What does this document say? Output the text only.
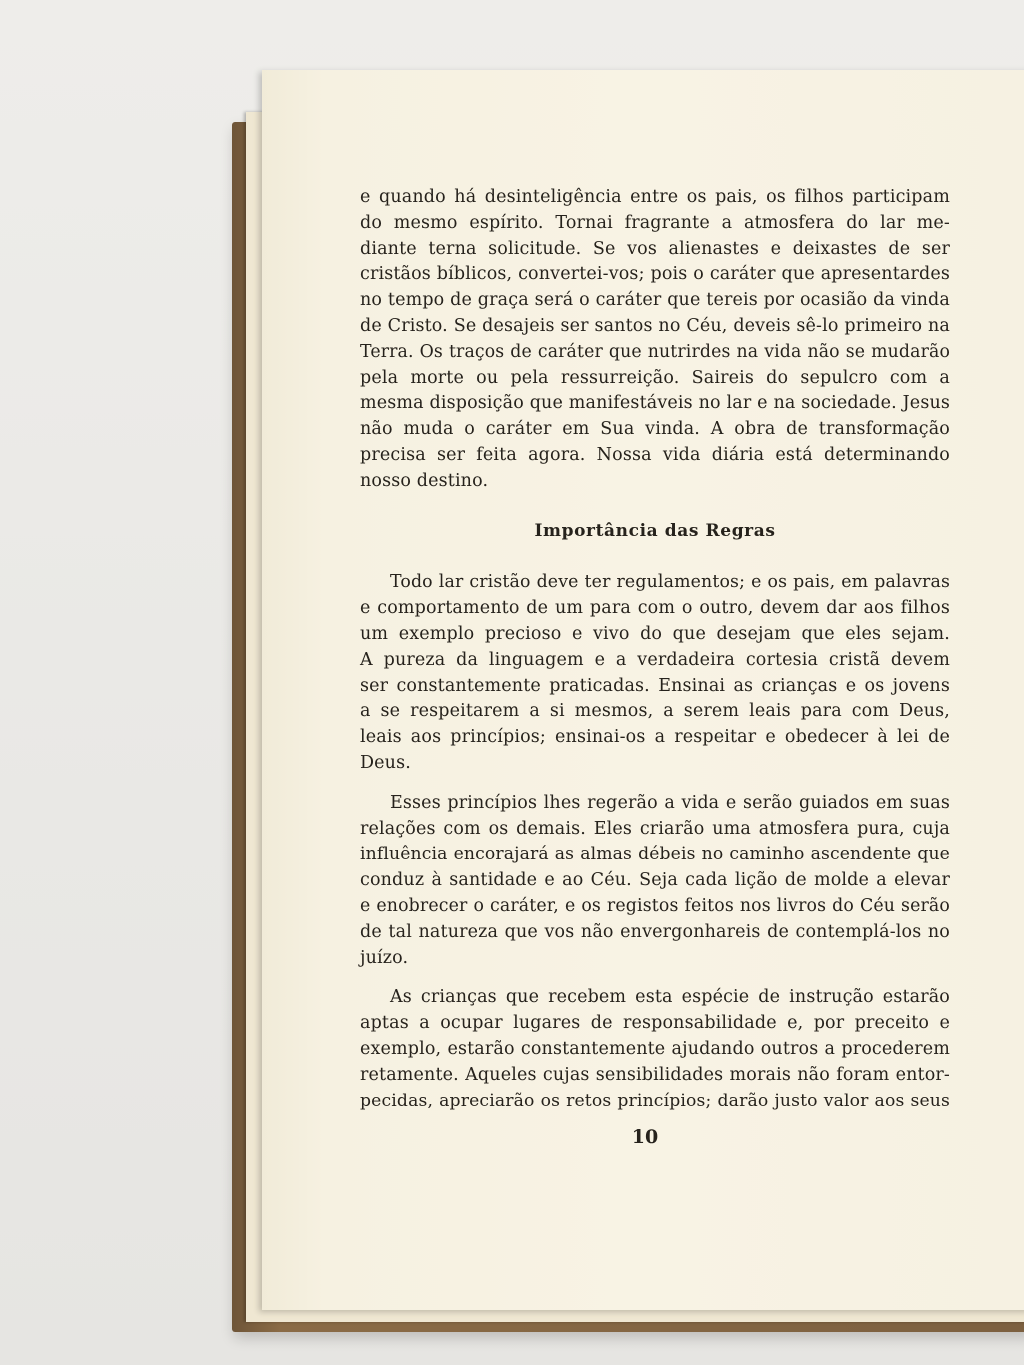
e quando há desinteligência entre os pais, os filhos participam
do mesmo espírito. Tornai fragrante a atmosfera do lar me-
diante terna solicitude. Se vos alienastes e deixastes de ser
cristãos bíblicos, convertei-vos; pois o caráter que apresentardes
no tempo de graça será o caráter que tereis por ocasião da vinda
de Cristo. Se desajeis ser santos no Céu, deveis sê-lo primeiro na
Terra. Os traços de caráter que nutrirdes na vida não se mudarão
pela morte ou pela ressurreição. Saireis do sepulcro com a
mesma disposição que manifestáveis no lar e na sociedade. Jesus
não muda o caráter em Sua vinda. A obra de transformação
precisa ser feita agora. Nossa vida diária está determinando
nosso destino.
Importância das Regras
Todo lar cristão deve ter regulamentos; e os pais, em palavras
e comportamento de um para com o outro, devem dar aos filhos
um exemplo precioso e vivo do que desejam que eles sejam.
A pureza da linguagem e a verdadeira cortesia cristã devem
ser constantemente praticadas. Ensinai as crianças e os jovens
a se respeitarem a si mesmos, a serem leais para com Deus,
leais aos princípios; ensinai-os a respeitar e obedecer à lei de
Deus.
Esses princípios lhes regerão a vida e serão guiados em suas
relações com os demais. Eles criarão uma atmosfera pura, cuja
influência encorajará as almas débeis no caminho ascendente que
conduz à santidade e ao Céu. Seja cada lição de molde a elevar
e enobrecer o caráter, e os registos feitos nos livros do Céu serão
de tal natureza que vos não envergonhareis de contemplá-los no
juízo.
As crianças que recebem esta espécie de instrução estarão
aptas a ocupar lugares de responsabilidade e, por preceito e
exemplo, estarão constantemente ajudando outros a procederem
retamente. Aqueles cujas sensibilidades morais não foram entor-
pecidas, apreciarão os retos princípios; darão justo valor aos seus
10
